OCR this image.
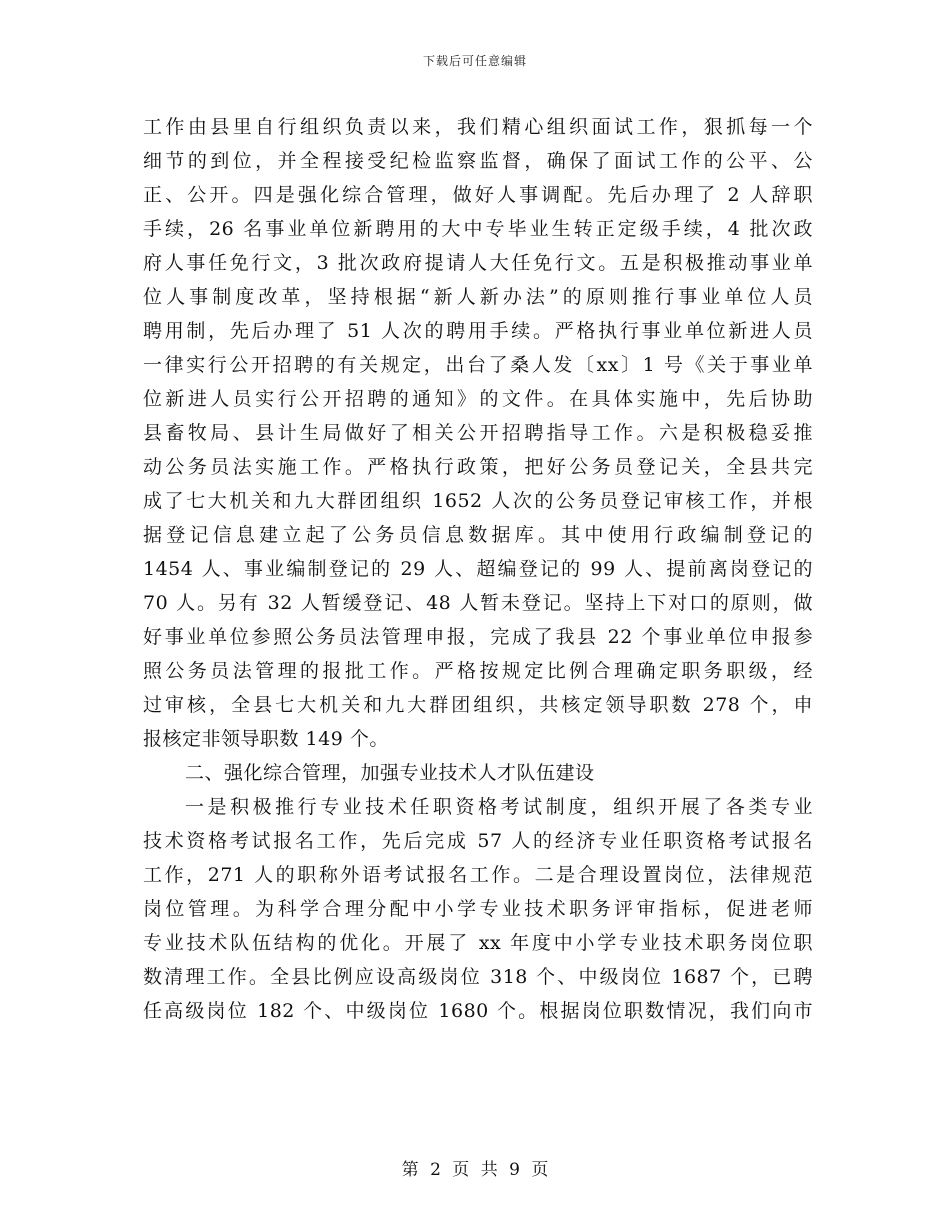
下载后可任意编辑
工作由县里自行组织负责以来，我们精心组织面试工作，狠抓每一个
细节的到位，并全程接受纪检监察监督，确保了面试工作的公平、公
正、公开。四是强化综合管理，做好人事调配。先后办理了 2 人辞职
手续，26 名事业单位新聘用的大中专毕业生转正定级手续，4 批次政
府人事任免行文，3 批次政府提请人大任免行文。五是积极推动事业单
位人事制度改革，坚持根据“新人新办法”的原则推行事业单位人员
聘用制，先后办理了 51 人次的聘用手续。严格执行事业单位新进人员
一律实行公开招聘的有关规定，出台了桑人发〔xx〕1 号《关于事业单
位新进人员实行公开招聘的通知》的文件。在具体实施中，先后协助
县畜牧局、县计生局做好了相关公开招聘指导工作。六是积极稳妥推
动公务员法实施工作。严格执行政策，把好公务员登记关，全县共完
成了七大机关和九大群团组织 1652 人次的公务员登记审核工作，并根
据登记信息建立起了公务员信息数据库。其中使用行政编制登记的
1454 人、事业编制登记的 29 人、超编登记的 99 人、提前离岗登记的
70 人。另有 32 人暂缓登记、48 人暂未登记。坚持上下对口的原则，做
好事业单位参照公务员法管理申报，完成了我县 22 个事业单位申报参
照公务员法管理的报批工作。严格按规定比例合理确定职务职级，经
过审核，全县七大机关和九大群团组织，共核定领导职数 278 个，申
报核定非领导职数 149 个。
二、强化综合管理，加强专业技术人才队伍建设
一是积极推行专业技术任职资格考试制度，组织开展了各类专业
技术资格考试报名工作，先后完成 57 人的经济专业任职资格考试报名
工作，271 人的职称外语考试报名工作。二是合理设置岗位，法律规范
岗位管理。为科学合理分配中小学专业技术职务评审指标，促进老师
专业技术队伍结构的优化。开展了 xx 年度中小学专业技术职务岗位职
数清理工作。全县比例应设高级岗位 318 个、中级岗位 1687 个，已聘
任高级岗位 182 个、中级岗位 1680 个。根据岗位职数情况，我们向市
第 2 页 共 9 页
